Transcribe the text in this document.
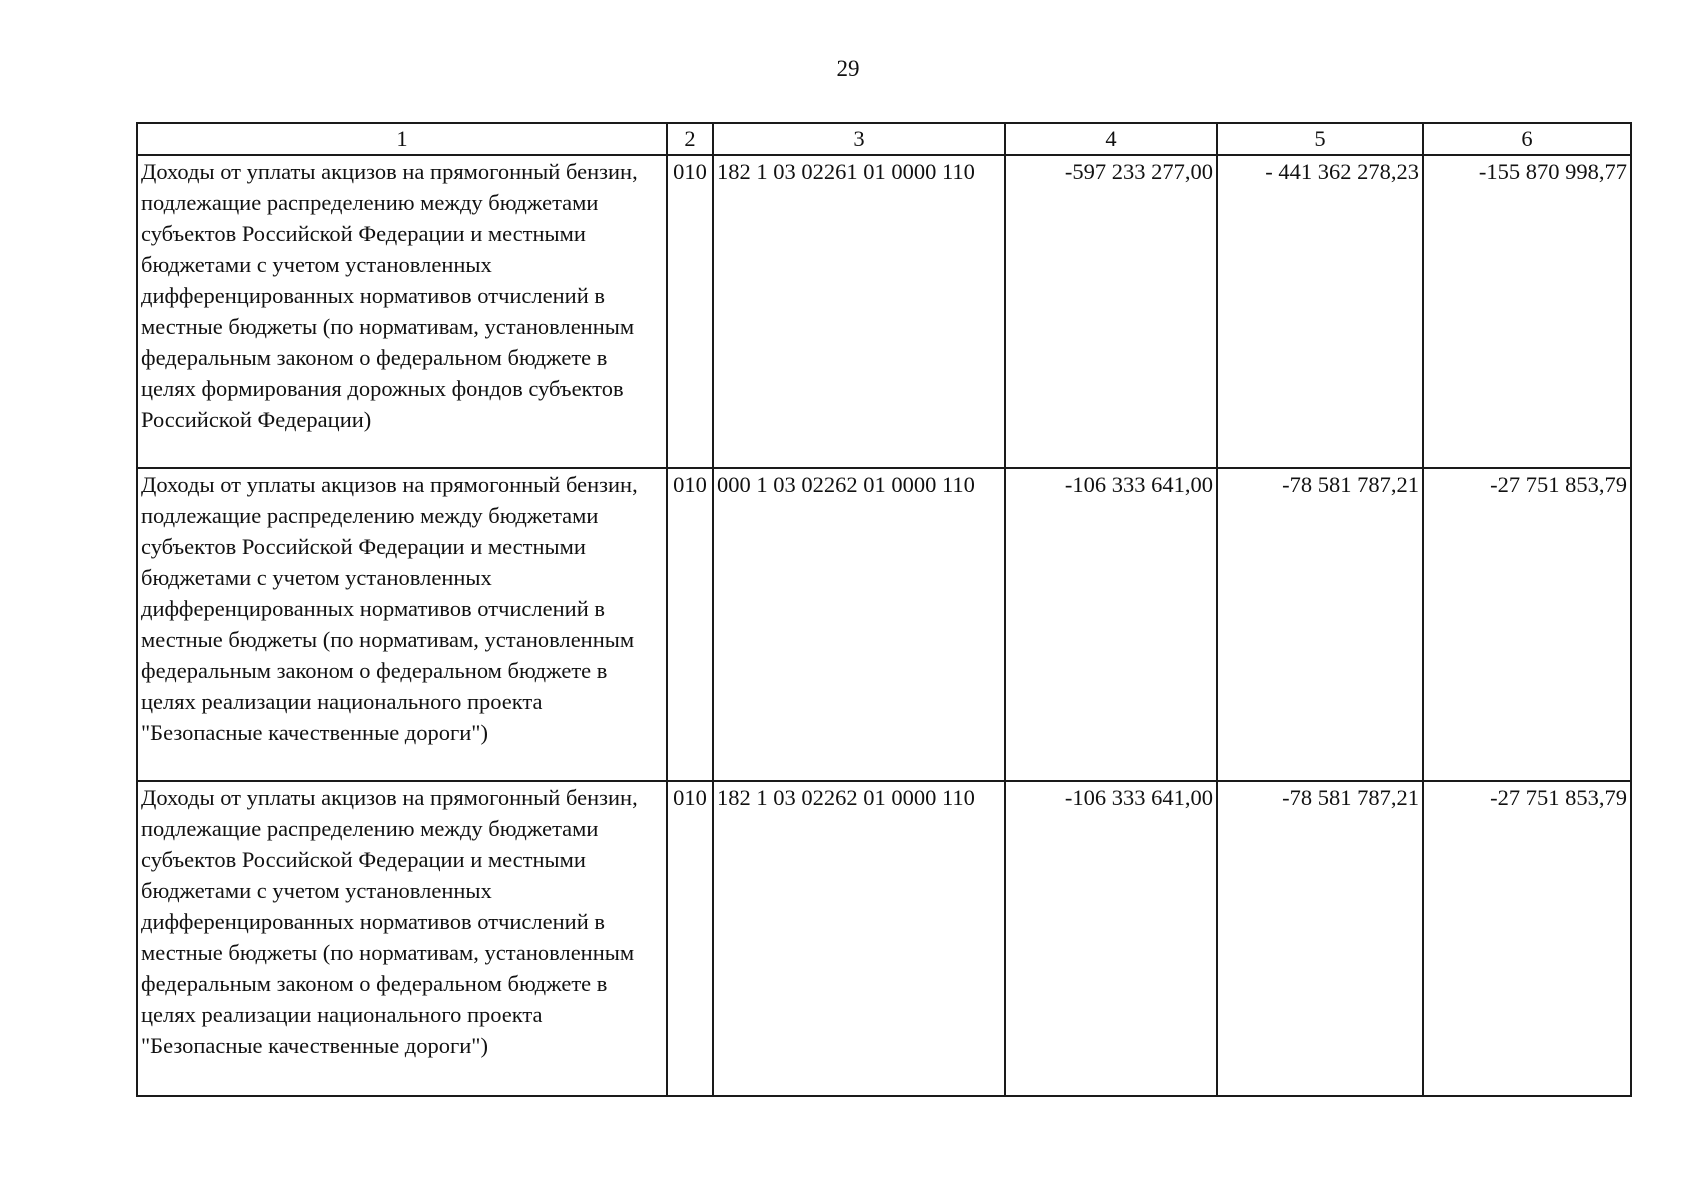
29
1	2	3	4	5	6
Доходы от уплаты акцизов на прямогонный бензин, подлежащие распределению между бюджетами субъектов Российской Федерации и местными бюджетами с учетом установленных дифференцированных нормативов отчислений в местные бюджеты (по нормативам, установленным федеральным законом о федеральном бюджете в целях формирования дорожных фондов субъектов Российской Федерации)	010	182 1 03 02261 01 0000 110	-597 233 277,00	- 441 362 278,23	-155 870 998,77
Доходы от уплаты акцизов на прямогонный бензин, подлежащие распределению между бюджетами субъектов Российской Федерации и местными бюджетами с учетом установленных дифференцированных нормативов отчислений в местные бюджеты (по нормативам, установленным федеральным законом о федеральном бюджете в целях реализации национального проекта "Безопасные качественные дороги")	010	000 1 03 02262 01 0000 110	-106 333 641,00	-78 581 787,21	-27 751 853,79
Доходы от уплаты акцизов на прямогонный бензин, подлежащие распределению между бюджетами субъектов Российской Федерации и местными бюджетами с учетом установленных дифференцированных нормативов отчислений в местные бюджеты (по нормативам, установленным федеральным законом о федеральном бюджете в целях реализации национального проекта "Безопасные качественные дороги")	010	182 1 03 02262 01 0000 110	-106 333 641,00	-78 581 787,21	-27 751 853,79
